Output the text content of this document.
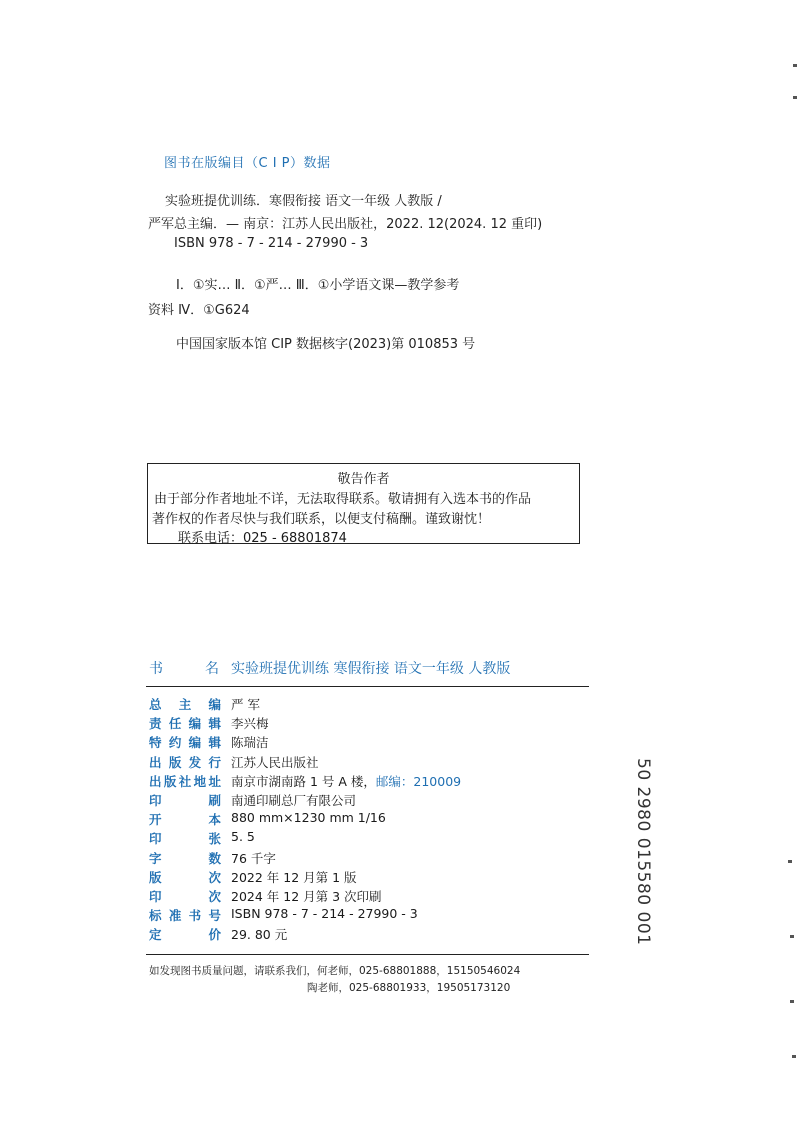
图书在版编目（C I P）数据
实验班提优训练．寒假衔接 语文一年级 人教版 /
严军总主编．— 南京：江苏人民出版社，2022. 12(2024. 12 重印)
ISBN 978 - 7 - 214 - 27990 - 3
Ⅰ．①实… Ⅱ．①严… Ⅲ．①小学语文课—教学参考
资料 Ⅳ．①G624
中国国家版本馆 CIP 数据核字(2023)第 010853 号
敬告作者
由于部分作者地址不详，无法取得联系。敬请拥有入选本书的作品
著作权的作者尽快与我们联系，以便支付稿酬。谨致谢忱！
联系电话：025 - 68801874
书	名 实验班提优训练 寒假衔接 语文一年级 人教版
总 主 编 严 军
责 任 编 辑 李兴梅
特 约 编 辑 陈瑞洁
出 版 发 行 江苏人民出版社
出 版 社 地 址 南京市湖南路 1 号 A 楼，邮编：210009
印	刷 南通印刷总厂有限公司
开	本 880 mm×1230 mm 1/16
印	张 5. 5
字	数 76 千字
版	次 2022 年 12 月第 1 版
印	次 2024 年 12 月第 3 次印刷
标 准 书 号 ISBN 978 - 7 - 214 - 27990 - 3
定	价 29. 80 元
如发现图书质量问题，请联系我们，何老师，025-68801888，15150546024
陶老师，025-68801933，19505173120
50 2980 015580 001
